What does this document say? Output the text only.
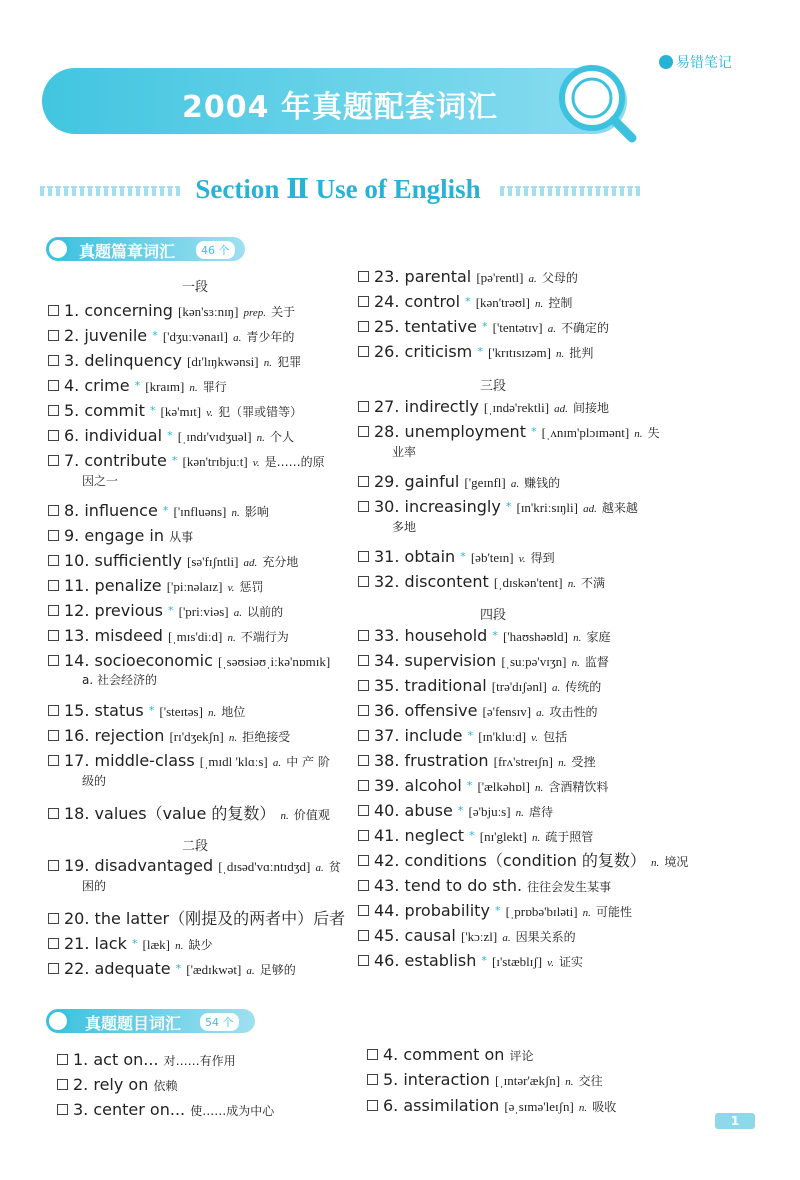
易错笔记
2004 年真题配套词汇
Section Ⅱ Use of English
真题篇章词汇	46 个
一段
二段
三段
四段
真题题目词汇	54 个
1
1. concerning [kən'sɜːnɪŋ] prep. 关于
2. juvenile * ['dʒuːvənaɪl] a. 青少年的
3. delinquency [dɪ'lɪŋkwənsi] n. 犯罪
4. crime * [kraɪm] n. 罪行
5. commit * [kə'mɪt] v. 犯（罪或错等）
6. individual * [ˌɪndɪ'vɪdʒuəl] n. 个人
7. contribute * [kən'trɪbjuːt] v. 是……的原
因之一
8. influence * ['ɪnfluəns] n. 影响
9. engage in 从事
10. sufficiently [sə'fɪʃntli] ad. 充分地
11. penalize ['piːnəlaɪz] v. 惩罚
12. previous * ['priːviəs] a. 以前的
13. misdeed [ˌmɪs'diːd] n. 不端行为
14. socioeconomic [ˌsəʊsiəʊˌiːkə'nɒmɪk]
a. 社会经济的
15. status * ['steɪtəs] n. 地位
16. rejection [rɪ'dʒekʃn] n. 拒绝接受
17. middle-class [ˌmɪdl 'klɑːs] a. 中 产 阶
级的
18. values（value 的复数） n. 价值观
19. disadvantaged [ˌdɪsəd'vɑːntɪdʒd] a. 贫
困的
20. the latter（刚提及的两者中）后者
21. lack * [læk] n. 缺少
22. adequate * ['ædɪkwət] a. 足够的
23. parental [pə'rentl] a. 父母的
24. control * [kən'trəʊl] n. 控制
25. tentative * ['tentətɪv] a. 不确定的
26. criticism * ['krɪtɪsɪzəm] n. 批判
27. indirectly [ˌɪndə'rektli] ad. 间接地
28. unemployment * [ˌʌnɪm'plɔɪmənt] n. 失
业率
29. gainful ['geɪnfl] a. 赚钱的
30. increasingly * [ɪn'kriːsɪŋli] ad. 越来越
多地
31. obtain * [əb'teɪn] v. 得到
32. discontent [ˌdɪskən'tent] n. 不满
33. household * ['haʊshəʊld] n. 家庭
34. supervision [ˌsuːpə'vɪʒn] n. 监督
35. traditional [trə'dɪʃənl] a. 传统的
36. offensive [ə'fensɪv] a. 攻击性的
37. include * [ɪn'kluːd] v. 包括
38. frustration [frʌ'streɪʃn] n. 受挫
39. alcohol * ['ælkəhɒl] n. 含酒精饮料
40. abuse * [ə'bjuːs] n. 虐待
41. neglect * [nɪ'glekt] n. 疏于照管
42. conditions（condition 的复数） n. 境况
43. tend to do sth. 往往会发生某事
44. probability * [ˌprɒbə'bɪləti] n. 可能性
45. causal ['kɔːzl] a. 因果关系的
46. establish * [ɪ'stæblɪʃ] v. 证实
1. act on... 对……有作用
2. rely on 依赖
3. center on... 使……成为中心
4. comment on 评论
5. interaction [ˌɪntər'ækʃn] n. 交往
6. assimilation [əˌsɪmə'leɪʃn] n. 吸收
